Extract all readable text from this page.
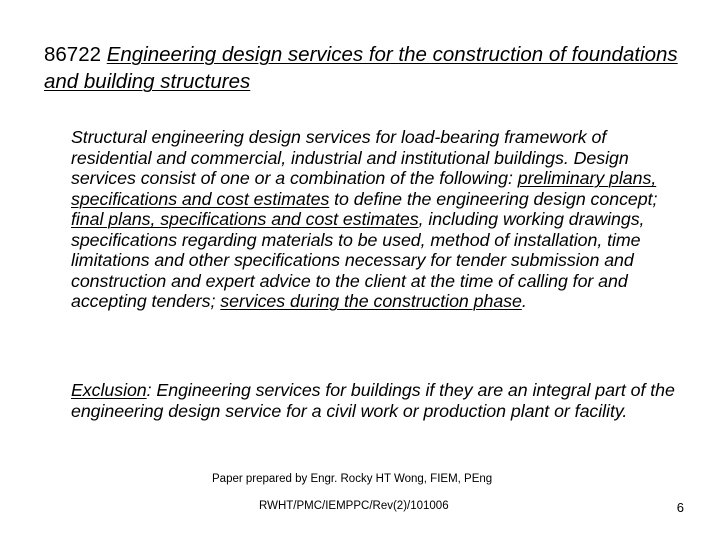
86722 Engineering design services for the construction of foundations and building structures

Structural engineering design services for load-bearing framework of residential and commercial, industrial and institutional buildings. Design services consist of one or a combination of the following: preliminary plans, specifications and cost estimates to define the engineering design concept; final plans, specifications and cost estimates, including working drawings, specifications regarding materials to be used, method of installation, time limitations and other specifications necessary for tender submission and construction and expert advice to the client at the time of calling for and accepting tenders; services during the construction phase.

Exclusion: Engineering services for buildings if they are an integral part of the engineering design service for a civil work or production plant or facility.

Paper prepared by Engr. Rocky HT Wong, FIEM, PEng

RWHT/PMC/IEMPPC/Rev(2)/101006	6
